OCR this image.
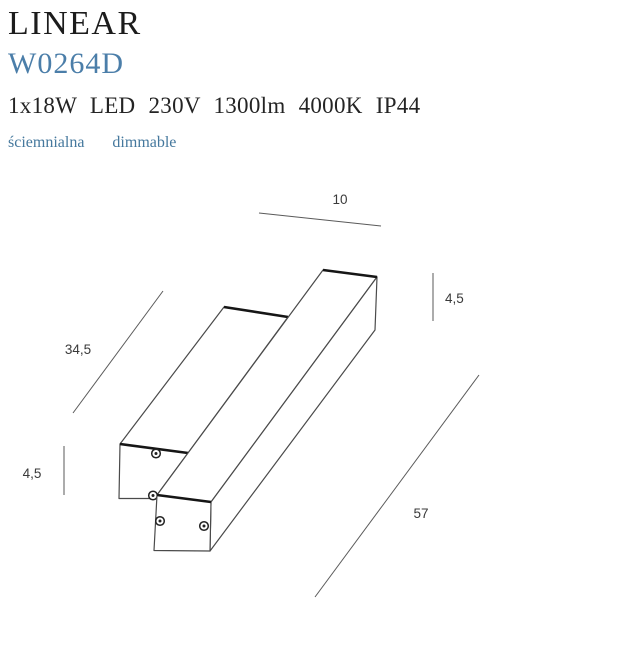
LINEAR
W0264D
1x18W LED 230V 1300lm 4000K IP44
ściemnialna dimmable
10
4,5
34,5
4,5
57
